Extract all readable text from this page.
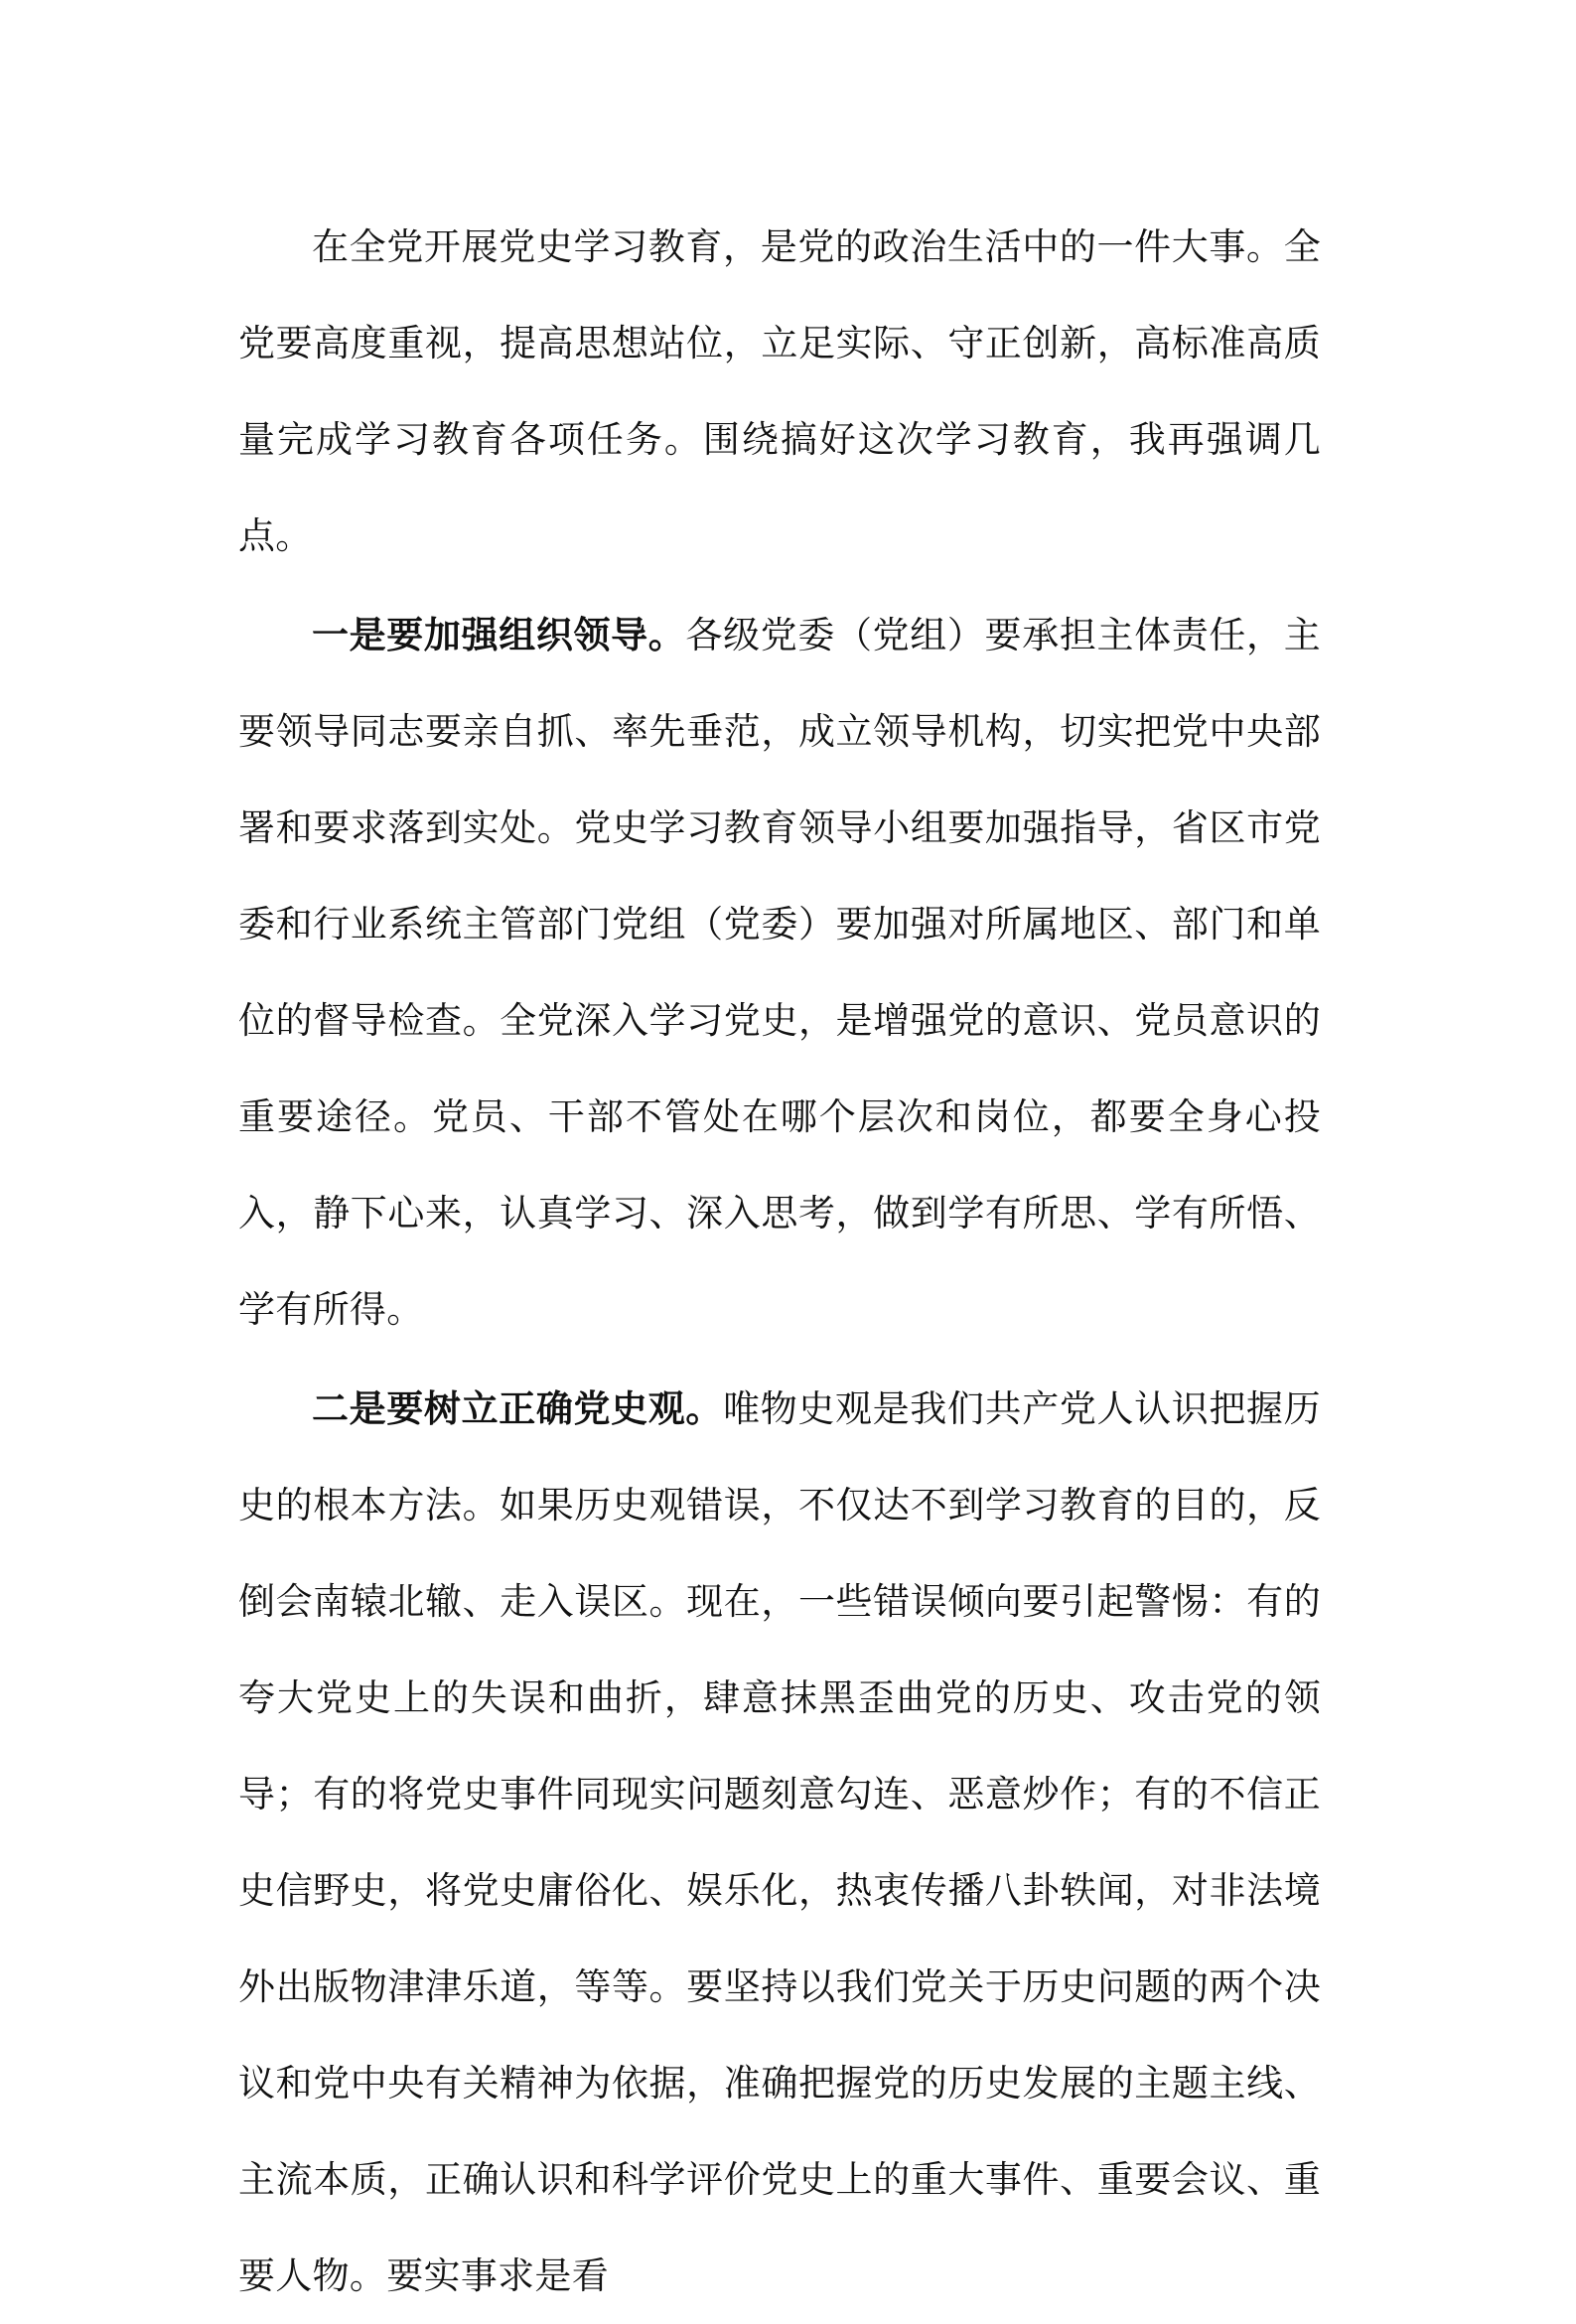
在全党开展党史学习教育，是党的政治生活中的一件大事。全党要高度重视，提高思想站位，立足实际、守正创新，高标准高质量完成学习教育各项任务。围绕搞好这次学习教育，我再强调几点。

一是要加强组织领导。各级党委（党组）要承担主体责任，主要领导同志要亲自抓、率先垂范，成立领导机构，切实把党中央部署和要求落到实处。党史学习教育领导小组要加强指导，省区市党委和行业系统主管部门党组（党委）要加强对所属地区、部门和单位的督导检查。全党深入学习党史，是增强党的意识、党员意识的重要途径。党员、干部不管处在哪个层次和岗位，都要全身心投入，静下心来，认真学习、深入思考，做到学有所思、学有所悟、学有所得。

二是要树立正确党史观。唯物史观是我们共产党人认识把握历史的根本方法。如果历史观错误，不仅达不到学习教育的目的，反倒会南辕北辙、走入误区。现在，一些错误倾向要引起警惕：有的夸大党史上的失误和曲折，肆意抹黑歪曲党的历史、攻击党的领导；有的将党史事件同现实问题刻意勾连、恶意炒作；有的不信正史信野史，将党史庸俗化、娱乐化，热衷传播八卦轶闻，对非法境外出版物津津乐道，等等。要坚持以我们党关于历史问题的两个决议和党中央有关精神为依据，准确把握党的历史发展的主题主线、主流本质，正确认识和科学评价党史上的重大事件、重要会议、重要人物。要实事求是看
